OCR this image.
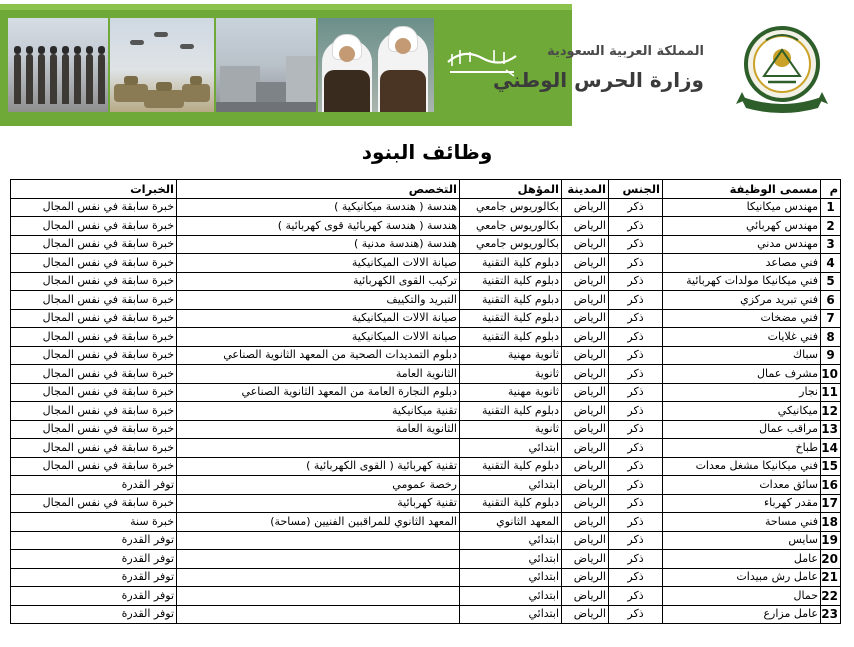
المملكة العربية السعودية
وزارة الحرس الوطني
وظائف البنود
م	مسمى الوظيفة	الجنس	المدينة	المؤهل	التخصص	الخبرات
1	مهندس ميكانيكا	ذكر	الرياض	بكالوريوس جامعي	هندسة ( هندسة ميكانيكية )	خبرة سابقة في نفس المجال
2	مهندس كهربائي	ذكر	الرياض	بكالوريوس جامعي	هندسة ( هندسة كهربائية قوى كهربائية )	خبرة سابقة في نفس المجال
3	مهندس مدني	ذكر	الرياض	بكالوريوس جامعي	هندسة (هندسة مدنية )	خبرة سابقة في نفس المجال
4	فني مصاعد	ذكر	الرياض	دبلوم كلية التقنية	صيانة الالات الميكانيكية	خبرة سابقة في نفس المجال
5	فني ميكانيكا مولدات كهربائية	ذكر	الرياض	دبلوم كلية التقنية	تركيب القوى الكهربائية	خبرة سابقة في نفس المجال
6	فني تبريد مركزي	ذكر	الرياض	دبلوم كلية التقنية	التبريد والتكييف	خبرة سابقة في نفس المجال
7	فني مضخات	ذكر	الرياض	دبلوم كلية التقنية	صيانة الالات الميكانيكية	خبرة سابقة في نفس المجال
8	فني غلايات	ذكر	الرياض	دبلوم كلية التقنية	صيانة الالات الميكانيكية	خبرة سابقة في نفس المجال
9	سباك	ذكر	الرياض	ثانوية مهنية	دبلوم التمديدات الصحية من المعهد الثانوية الصناعي	خبرة سابقة في نفس المجال
10	مشرف عمال	ذكر	الرياض	ثانوية	الثانوية العامة	خبرة سابقة في نفس المجال
11	نجار	ذكر	الرياض	ثانوية مهنية	دبلوم النجارة العامة من المعهد الثانوية الصناعي	خبرة سابقة في نفس المجال
12	ميكانيكي	ذكر	الرياض	دبلوم كلية التقنية	تقنية ميكانيكية	خبرة سابقة في نفس المجال
13	مراقب عمال	ذكر	الرياض	ثانوية	الثانوية العامة	خبرة سابقة في نفس المجال
14	طباخ	ذكر	الرياض	ابتدائي		خبرة سابقة في نفس المجال
15	فني ميكانيكا مشغل معدات	ذكر	الرياض	دبلوم كلية التقنية	تقنية كهربائية ( القوى الكهربائية )	خبرة سابقة في نفس المجال
16	سائق معدات	ذكر	الرياض	ابتدائي	رخصة عمومي	توفر القدرة
17	مقدر كهرباء	ذكر	الرياض	دبلوم كلية التقنية	تقنية كهربائية	خبرة سابقة في نفس المجال
18	فني مساحة	ذكر	الرياض	المعهد الثانوي	المعهد الثانوي للمراقبين الفنيين (مساحة)	خبرة سنة
19	سايس	ذكر	الرياض	ابتدائي		توفر القدرة
20	عامل	ذكر	الرياض	ابتدائي		توفر القدرة
21	عامل رش مبيدات	ذكر	الرياض	ابتدائي		توفر القدرة
22	حمال	ذكر	الرياض	ابتدائي		توفر القدرة
23	عامل مزارع	ذكر	الرياض	ابتدائي		توفر القدرة
